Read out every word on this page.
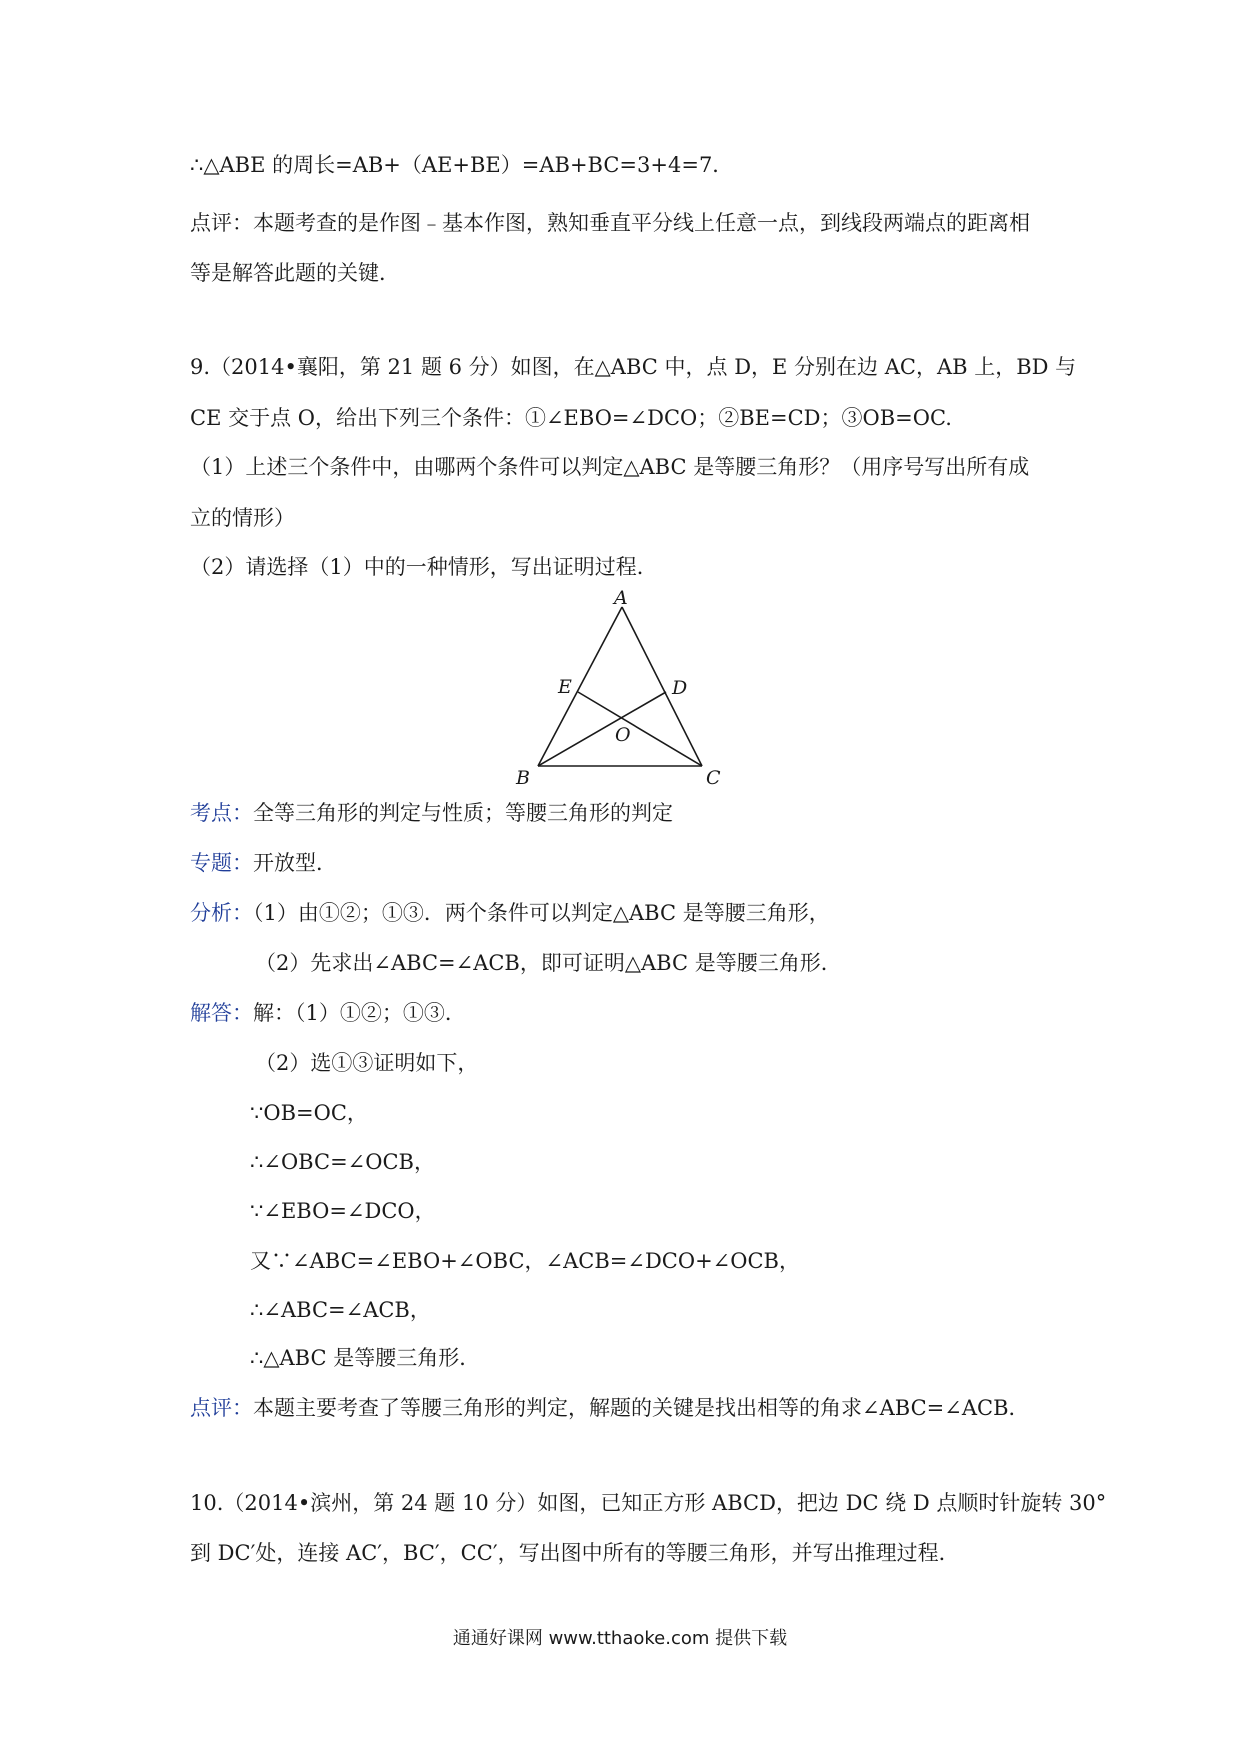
∴△ABE 的周长=AB+（AE+BE）=AB+BC=3+4=7．
点评：本题考查的是作图﹣基本作图，熟知垂直平分线上任意一点，到线段两端点的距离相
等是解答此题的关键．
9.（2014•襄阳，第 21 题 6 分）如图，在△ABC 中，点 D，E 分别在边 AC，AB 上，BD 与
CE 交于点 O，给出下列三个条件：①∠EBO=∠DCO；②BE=CD；③OB=OC.
（1）上述三个条件中，由哪两个条件可以判定△ABC 是等腰三角形？（用序号写出所有成
立的情形）
（2）请选择（1）中的一种情形，写出证明过程．
A
B	C
D
E
O
考点：全等三角形的判定与性质；等腰三角形的判定
专题：开放型．
分析：（1）由①②；①③．两个条件可以判定△ABC 是等腰三角形，
（2）先求出∠ABC=∠ACB，即可证明△ABC 是等腰三角形．
解答：解：（1）①②；①③．
（2）选①③证明如下，
∵OB=OC，
∴∠OBC=∠OCB，
∵∠EBO=∠DCO，
又∵∠ABC=∠EBO+∠OBC，∠ACB=∠DCO+∠OCB，
∴∠ABC=∠ACB，
∴△ABC 是等腰三角形．
点评：本题主要考查了等腰三角形的判定，解题的关键是找出相等的角求∠ABC=∠ACB．
10.（2014•滨州，第 24 题 10 分）如图，已知正方形 ABCD，把边 DC 绕 D 点顺时针旋转 30°
到 DC′处，连接 AC′，BC′，CC′，写出图中所有的等腰三角形，并写出推理过程．
通通好课网 www.tthaoke.com 提供下载
